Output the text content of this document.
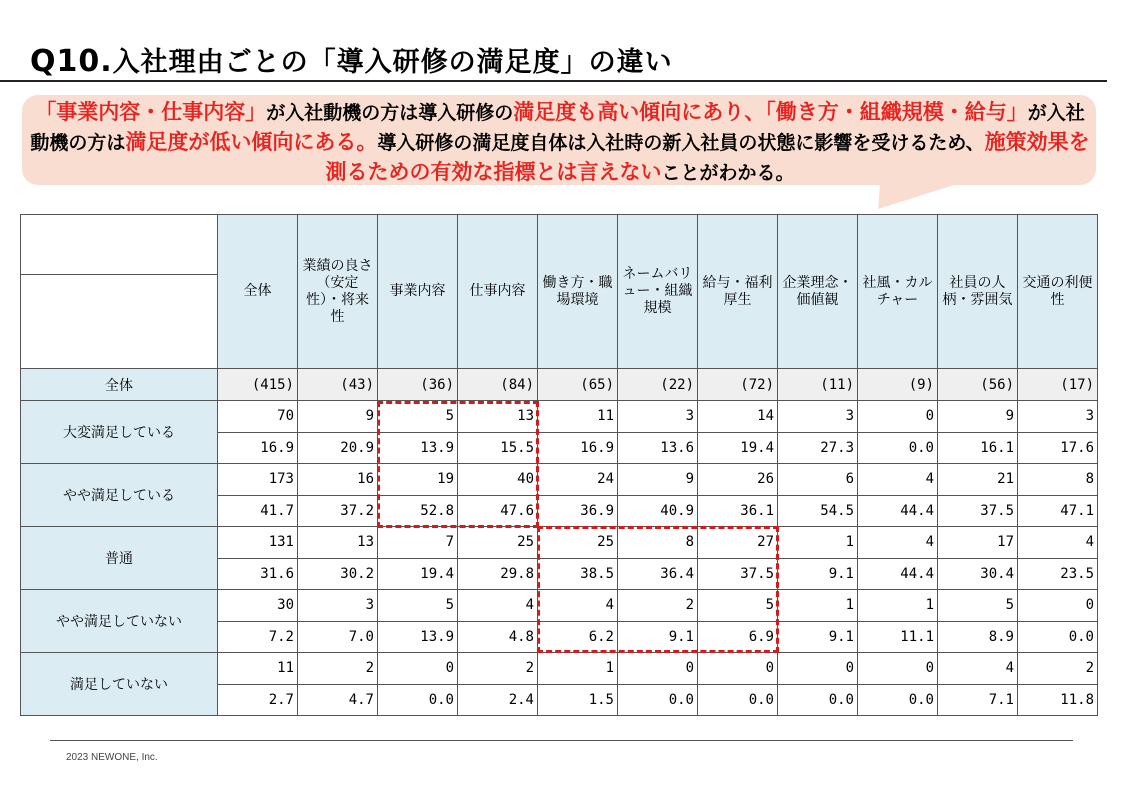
Q10.入社理由ごとの「導入研修の満足度」の違い
「事業内容・仕事内容」が入社動機の方は導入研修の満足度も高い傾向にあり、「働き方・組織規模・給与」が入社動機の方は満足度が低い傾向にある。導入研修の満足度自体は入社時の新入社員の状態に影響を受けるため、施策効果を測るための有効な指標とは言えないことがわかる。
	全体	業績の良さ（安定性）・将来性	事業内容	仕事内容	働き方・職場環境	ネームバリュー・組織規模	給与・福利厚生	企業理念・価値観	社風・カルチャー	社員の人柄・雰囲気	交通の利便性

全体	(415)	(43)	(36)	(84)	(65)	(22)	(72)	(11)	(9)	(56)	(17)
大変満足している	70	9	5	13	11	3	14	3	0	9	3
	16.9	20.9	13.9	15.5	16.9	13.6	19.4	27.3	0.0	16.1	17.6
やや満足している	173	16	19	40	24	9	26	6	4	21	8
	41.7	37.2	52.8	47.6	36.9	40.9	36.1	54.5	44.4	37.5	47.1
普通	131	13	7	25	25	8	27	1	4	17	4
	31.6	30.2	19.4	29.8	38.5	36.4	37.5	9.1	44.4	30.4	23.5
やや満足していない	30	3	5	4	4	2	5	1	1	5	0
	7.2	7.0	13.9	4.8	6.2	9.1	6.9	9.1	11.1	8.9	0.0
満足していない	11	2	0	2	1	0	0	0	0	4	2
	2.7	4.7	0.0	2.4	1.5	0.0	0.0	0.0	0.0	7.1	11.8
2023 NEWONE, Inc.
